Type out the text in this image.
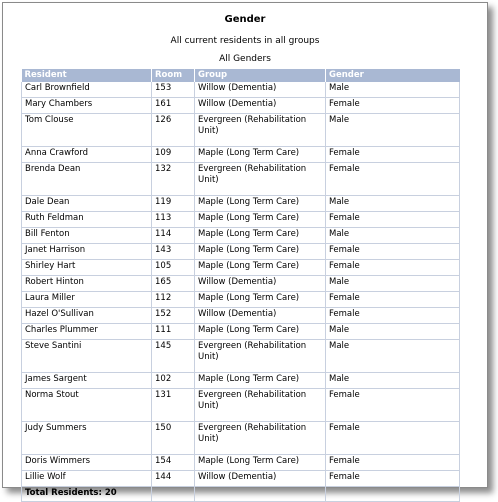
Gender
All current residents in all groups
All Genders
Resident	Room	Group	Gender
Carl Brownfield	153	Willow (Dementia)	Male
Mary Chambers	161	Willow (Dementia)	Female
Tom Clouse	126	Evergreen (Rehabilitation Unit)	Male
Anna Crawford	109	Maple (Long Term Care)	Female
Brenda Dean	132	Evergreen (Rehabilitation Unit)	Female
Dale Dean	119	Maple (Long Term Care)	Male
Ruth Feldman	113	Maple (Long Term Care)	Female
Bill Fenton	114	Maple (Long Term Care)	Male
Janet Harrison	143	Maple (Long Term Care)	Female
Shirley Hart	105	Maple (Long Term Care)	Female
Robert Hinton	165	Willow (Dementia)	Male
Laura Miller	112	Maple (Long Term Care)	Female
Hazel O'Sullivan	152	Willow (Dementia)	Female
Charles Plummer	111	Maple (Long Term Care)	Male
Steve Santini	145	Evergreen (Rehabilitation Unit)	Male
James Sargent	102	Maple (Long Term Care)	Male
Norma Stout	131	Evergreen (Rehabilitation Unit)	Female
Judy Summers	150	Evergreen (Rehabilitation Unit)	Female
Doris Wimmers	154	Maple (Long Term Care)	Female
Lillie Wolf	144	Willow (Dementia)	Female
Total Residents: 20			
